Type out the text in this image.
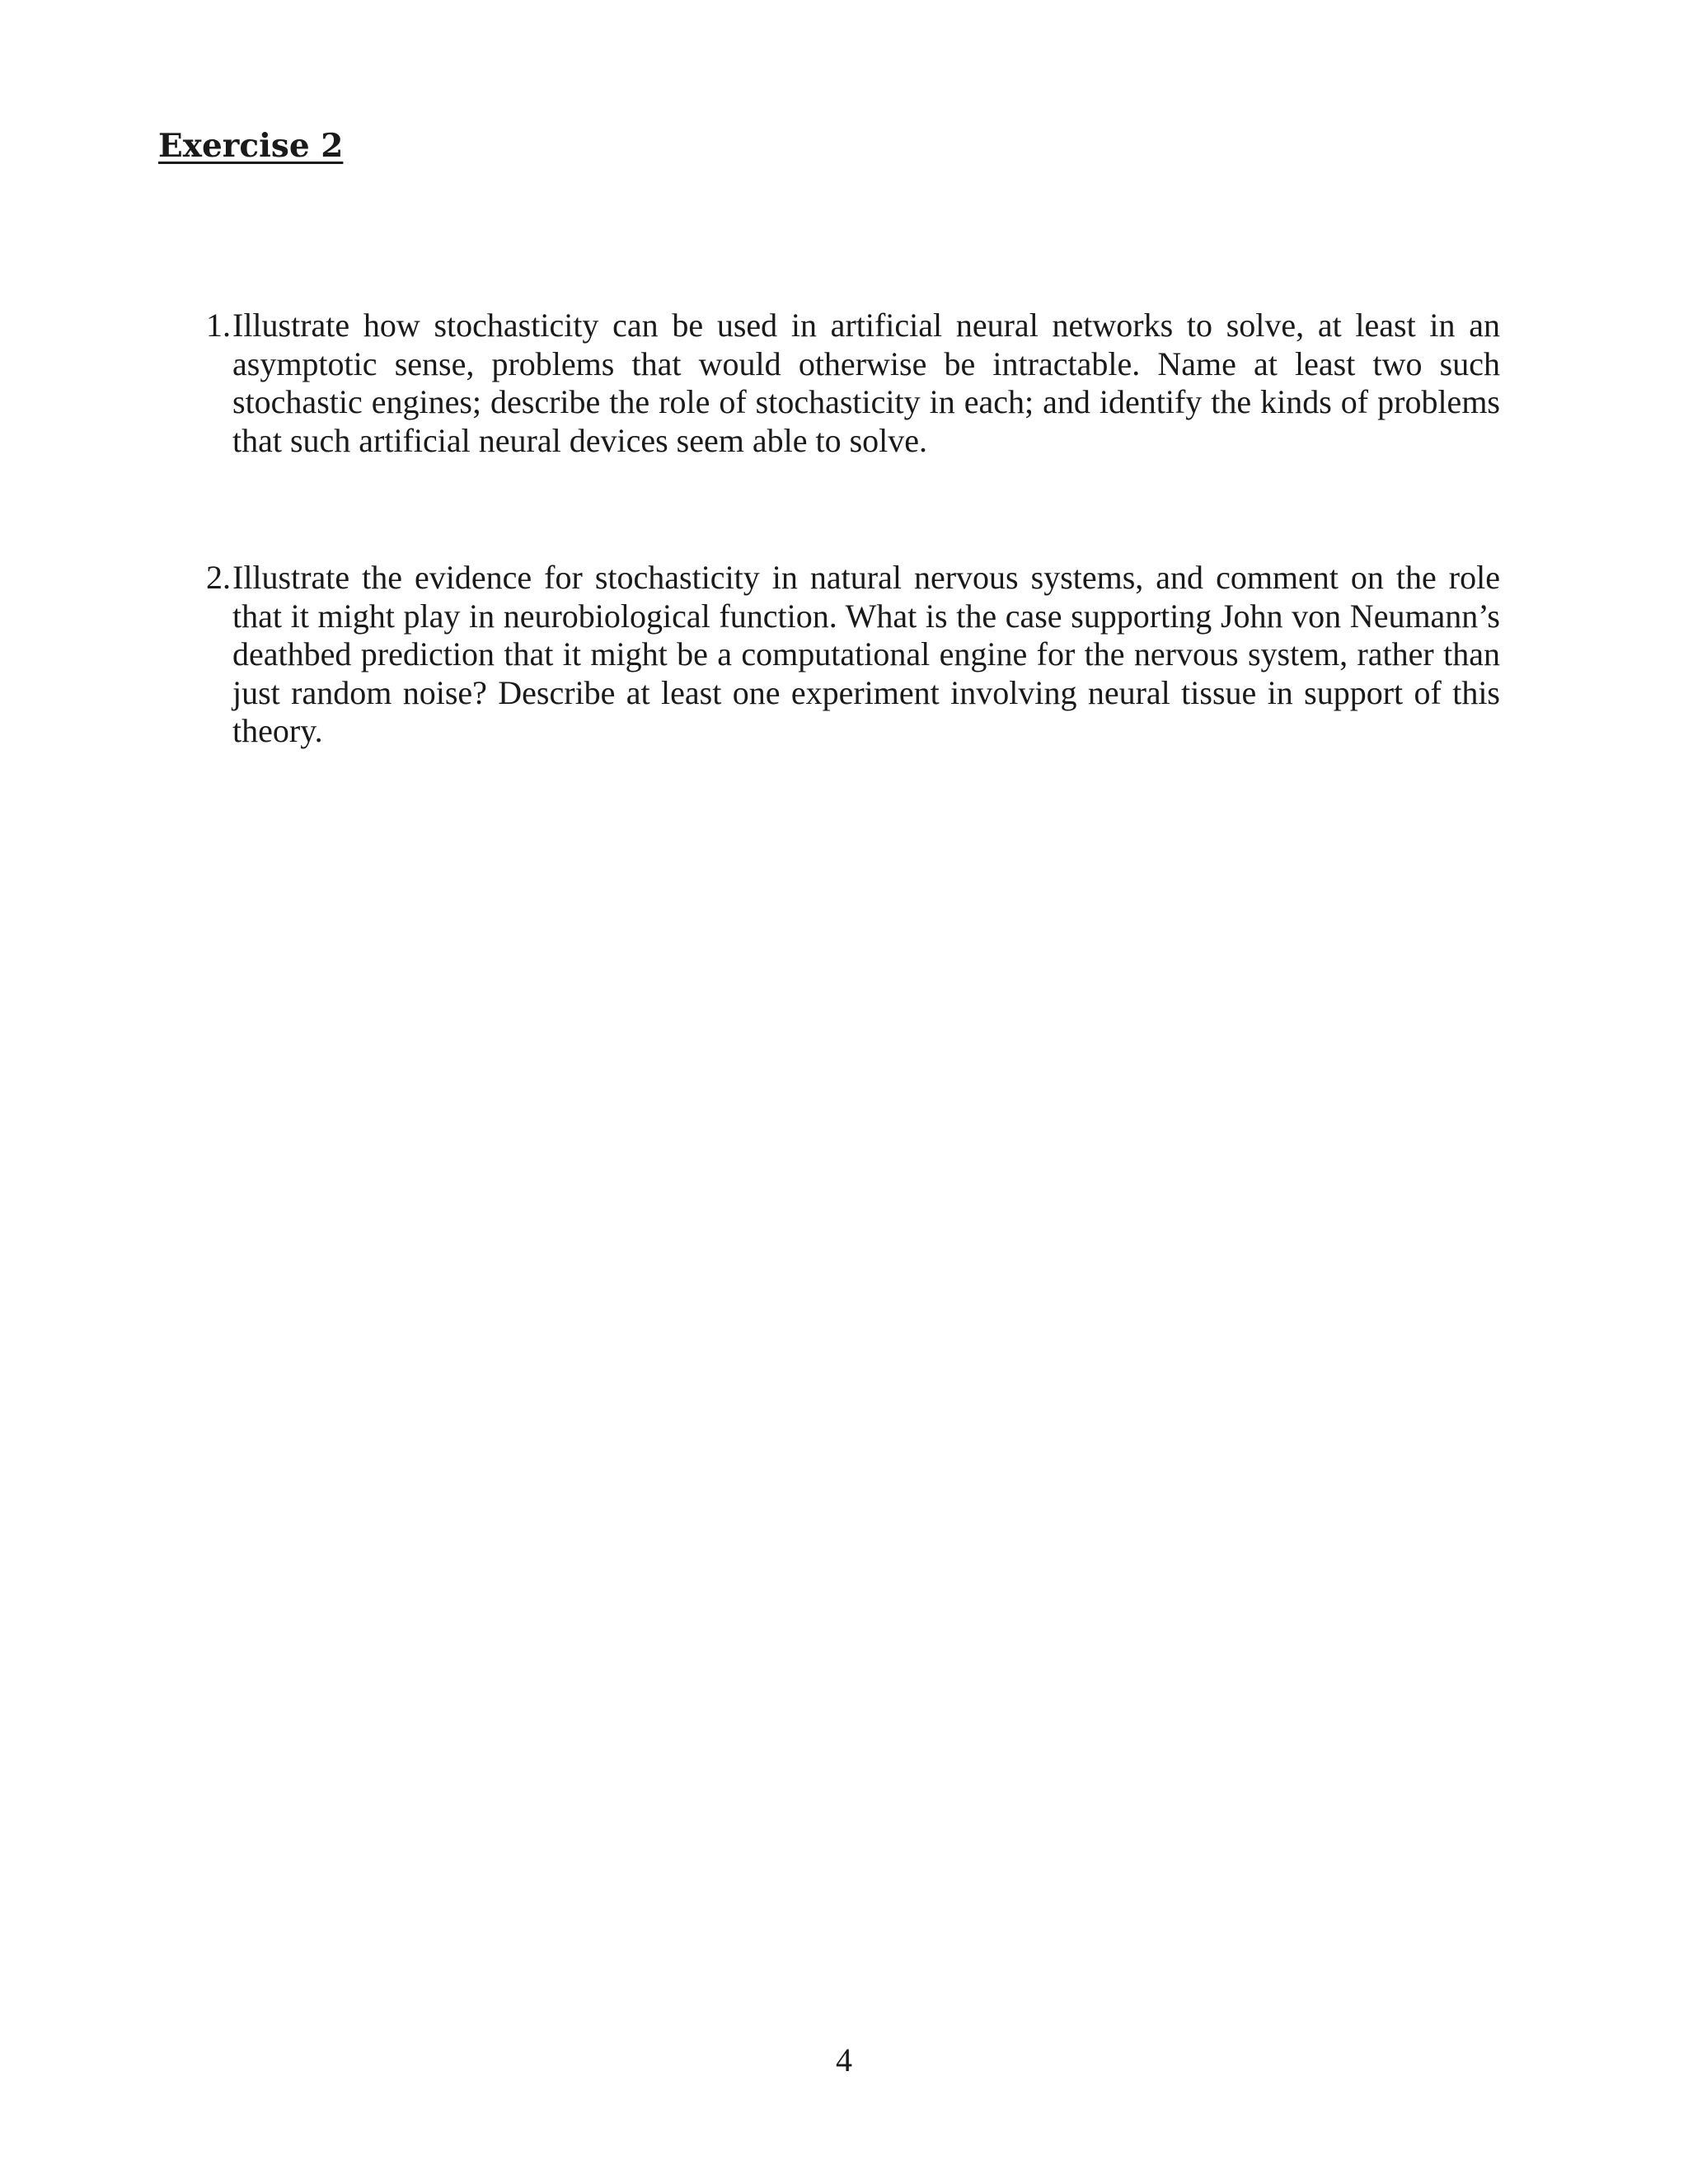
Exercise 2
1. Illustrate how stochasticity can be used in artificial neural networks to solve, at least in an asymptotic sense, problems that would otherwise be intractable. Name at least two such stochastic engines; describe the role of stochasticity in each; and identify the kinds of problems that such artificial neural devices seem able to solve.
2. Illustrate the evidence for stochasticity in natural nervous systems, and comment on the role that it might play in neurobiological function. What is the case supporting John von Neumann’s deathbed prediction that it might be a computational engine for the nervous system, rather than just random noise? Describe at least one experiment involving neural tissue in support of this theory.
4
